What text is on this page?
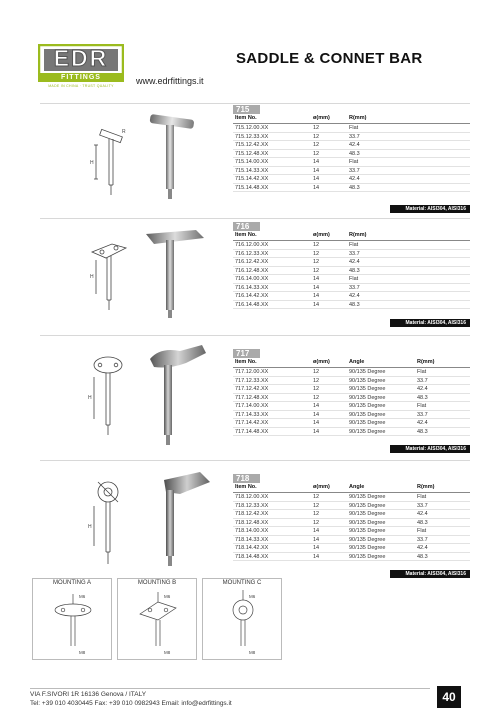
EDR
FITTINGS
MADE IN CHINA · TRUST QUALITY	www.edrfittings.it
SADDLE & CONNET BAR
H
R
715
Item No.	ø(mm)	R(mm)
715.12.00.XX	12	Flat
715.12.33.XX	12	33.7
715.12.42.XX	12	42.4
715.12.48.XX	12	48.3
715.14.00.XX	14	Flat
715.14.33.XX	14	33.7
715.14.42.XX	14	42.4
715.14.48.XX	14	48.3
Material: AISI304, AISI316
H
716
Item No.	ø(mm)	R(mm)
716.12.00.XX	12	Flat
716.12.33.XX	12	33.7
716.12.42.XX	12	42.4
716.12.48.XX	12	48.3
716.14.00.XX	14	Flat
716.14.33.XX	14	33.7
716.14.42.XX	14	42.4
716.14.48.XX	14	48.3
Material: AISI304, AISI316
H
717
Item No.	ø(mm)	Angle	R(mm)
717.12.00.XX	12	90/135 Degree	Flat
717.12.33.XX	12	90/135 Degree	33.7
717.12.42.XX	12	90/135 Degree	42.4
717.12.48.XX	12	90/135 Degree	48.3
717.14.00.XX	14	90/135 Degree	Flat
717.14.33.XX	14	90/135 Degree	33.7
717.14.42.XX	14	90/135 Degree	42.4
717.14.48.XX	14	90/135 Degree	48.3
Material: AISI304, AISI316
H
718
Item No.	ø(mm)	Angle	R(mm)
718.12.00.XX	12	90/135 Degree	Flat
718.12.33.XX	12	90/135 Degree	33.7
718.12.42.XX	12	90/135 Degree	42.4
718.12.48.XX	12	90/135 Degree	48.3
718.14.00.XX	14	90/135 Degree	Flat
718.14.33.XX	14	90/135 Degree	33.7
718.14.42.XX	14	90/135 Degree	42.4
718.14.48.XX	14	90/135 Degree	48.3
Material: AISI304, AISI316
MOUNTING A
M6
M8
MOUNTING B
M6
M8
MOUNTING C
M6
M8
VIA F.SIVORI 1R 16136 Genova / ITALY
Tel: +39 010 4030445 Fax: +39 010 0982943 Email: info@edrfittings.it	40
